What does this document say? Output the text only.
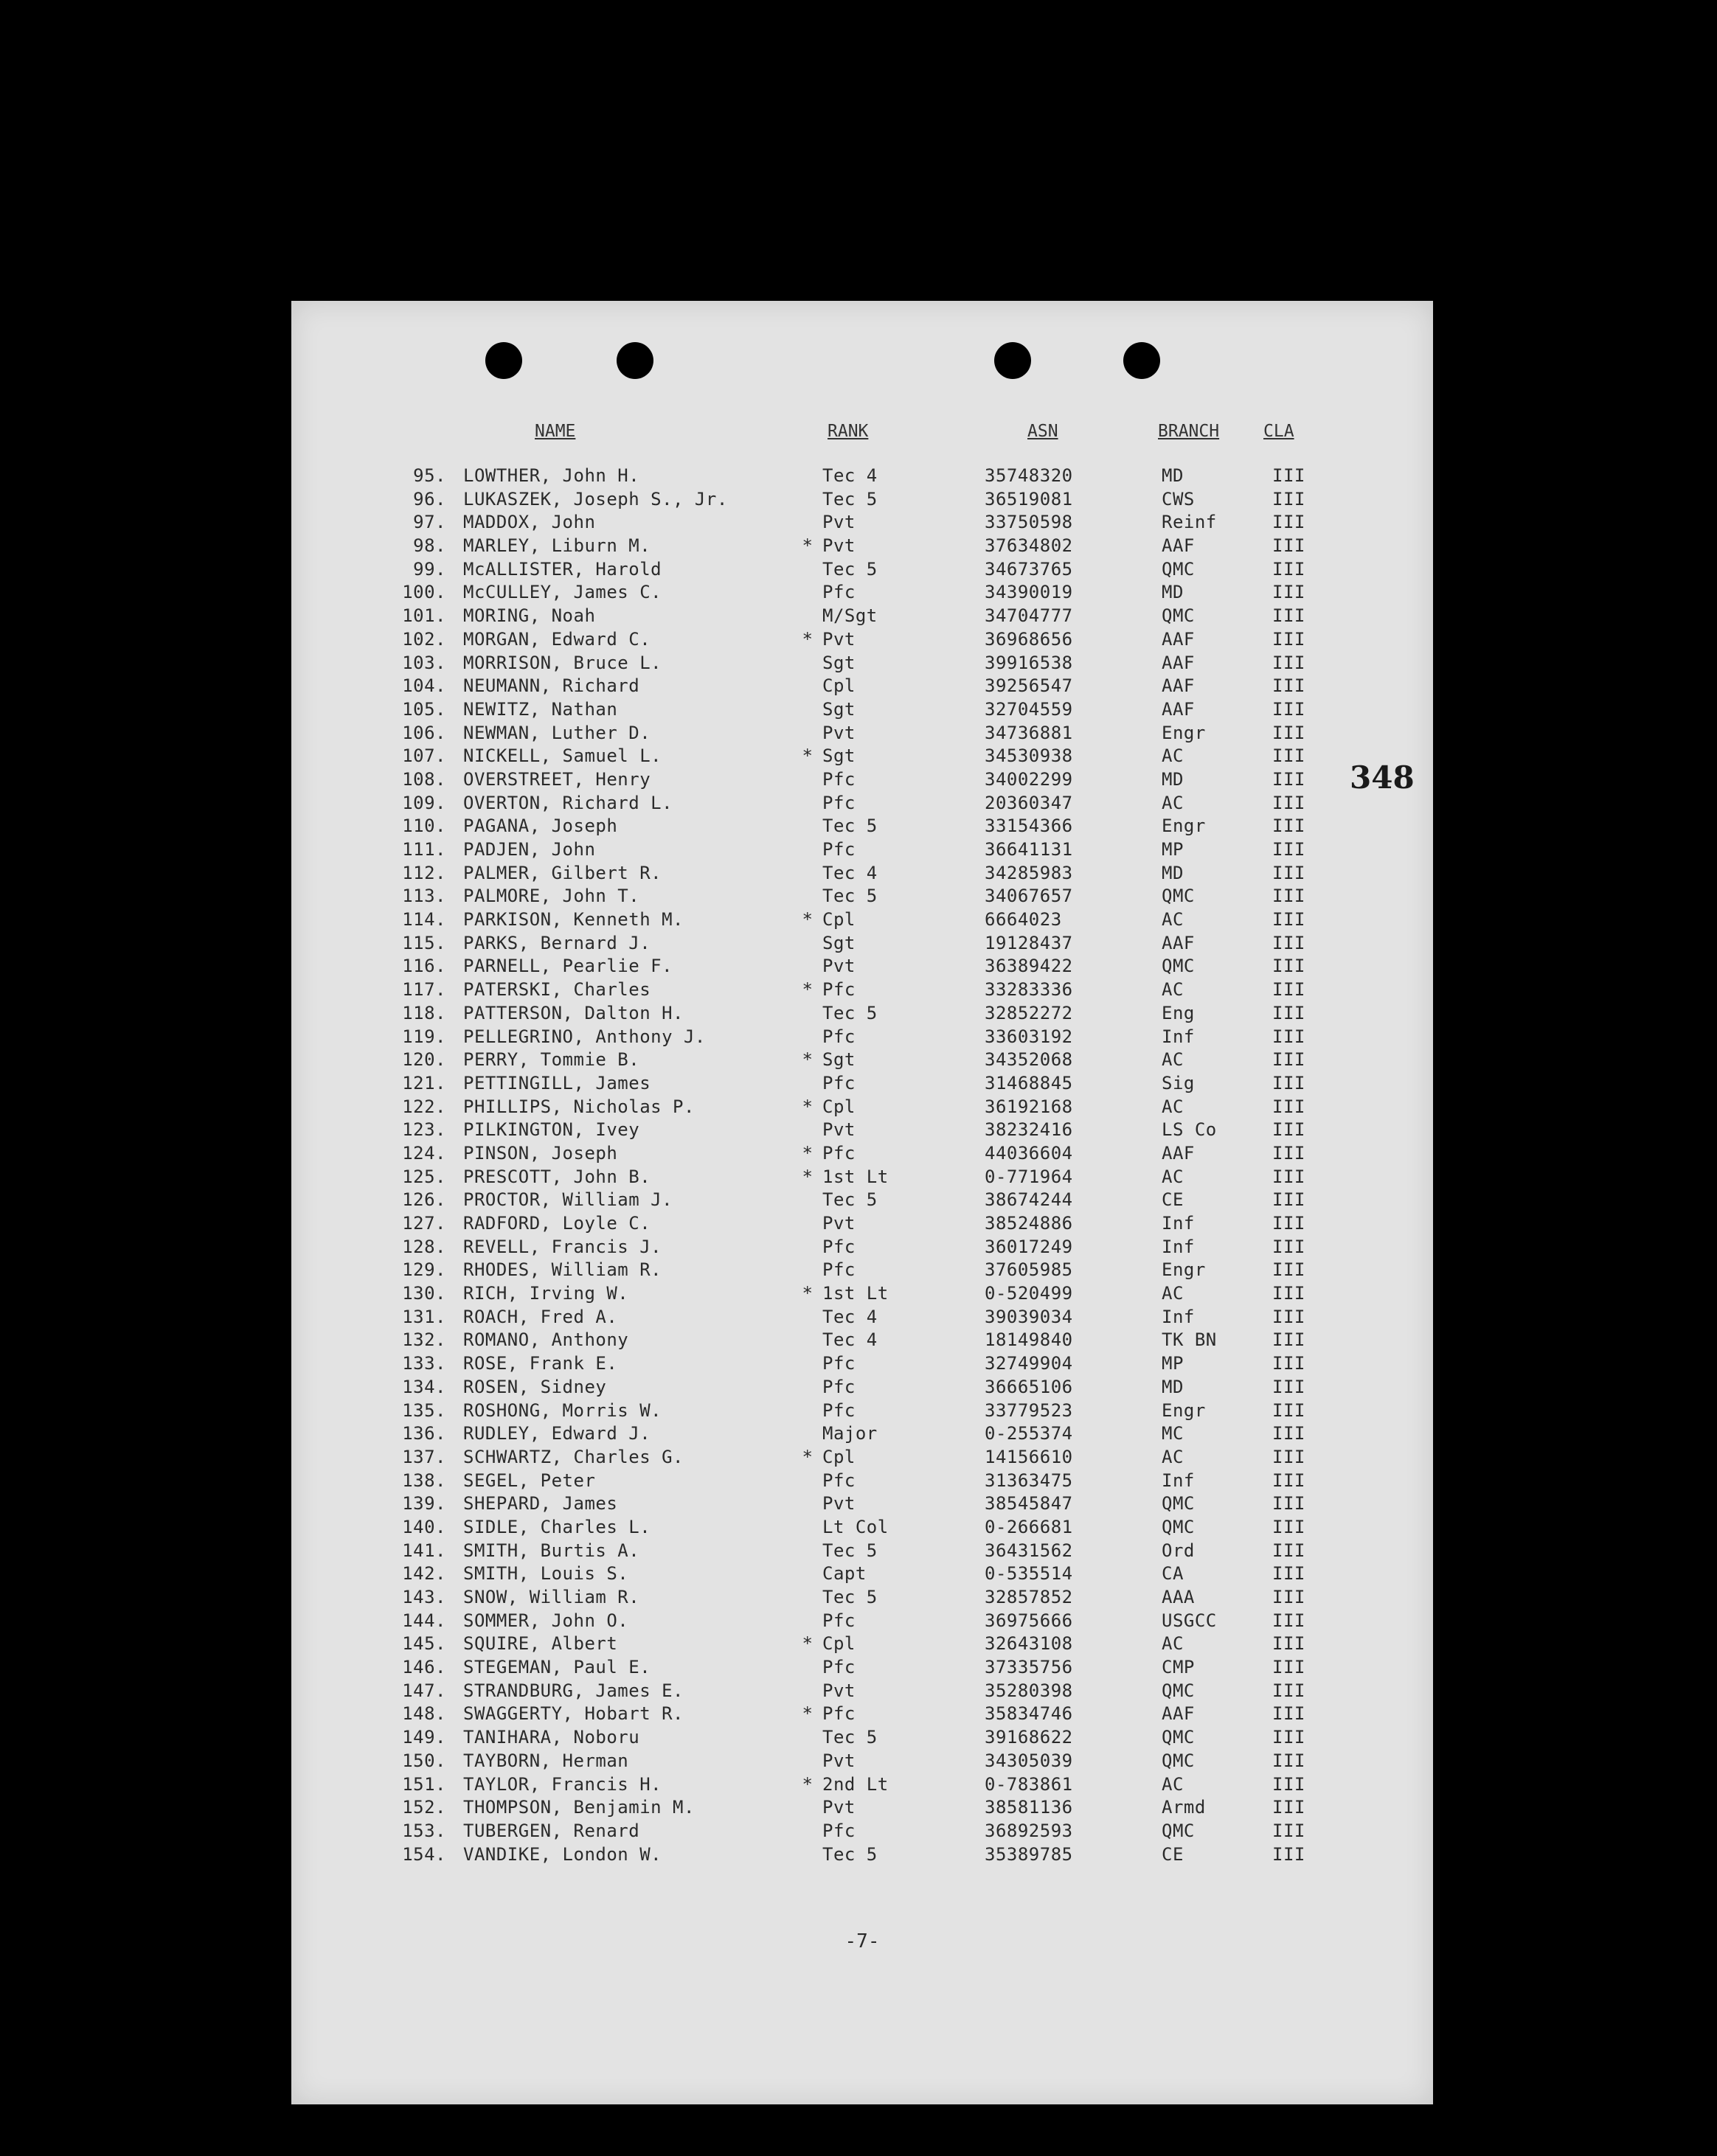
NAME	RANK	ASN	BRANCH	CLA
95. LOWTHER, John H.	Tec 4	35748320	MD	III
96. LUKASZEK, Joseph S., Jr.	Tec 5	36519081	CWS	III
97. MADDOX, John	Pvt	33750598	Reinf	III
98. MARLEY, Liburn M.	* Pvt	37634802	AAF	III
99. McALLISTER, Harold	Tec 5	34673765	QMC	III
100. McCULLEY, James C.	Pfc	34390019	MD	III
101. MORING, Noah	M/Sgt	34704777	QMC	III
102. MORGAN, Edward C.	* Pvt	36968656	AAF	III
103. MORRISON, Bruce L.	Sgt	39916538	AAF	III
104. NEUMANN, Richard	Cpl	39256547	AAF	III
105. NEWITZ, Nathan	Sgt	32704559	AAF	III
106. NEWMAN, Luther D.	Pvt	34736881	Engr	III
107. NICKELL, Samuel L.	* Sgt	34530938	AC	III
108. OVERSTREET, Henry	Pfc	34002299	MD	III
109. OVERTON, Richard L.	Pfc	20360347	AC	III
110. PAGANA, Joseph	Tec 5	33154366	Engr	III
111. PADJEN, John	Pfc	36641131	MP	III
112. PALMER, Gilbert R.	Tec 4	34285983	MD	III
113. PALMORE, John T.	Tec 5	34067657	QMC	III
114. PARKISON, Kenneth M.	* Cpl	6664023	AC	III
115. PARKS, Bernard J.	Sgt	19128437	AAF	III
116. PARNELL, Pearlie F.	Pvt	36389422	QMC	III
117. PATERSKI, Charles	* Pfc	33283336	AC	III
118. PATTERSON, Dalton H.	Tec 5	32852272	Eng	III
119. PELLEGRINO, Anthony J.	Pfc	33603192	Inf	III
120. PERRY, Tommie B.	* Sgt	34352068	AC	III
121. PETTINGILL, James	Pfc	31468845	Sig	III
122. PHILLIPS, Nicholas P.	* Cpl	36192168	AC	III
123. PILKINGTON, Ivey	Pvt	38232416	LS Co	III
124. PINSON, Joseph	* Pfc	44036604	AAF	III
125. PRESCOTT, John B.	* 1st Lt	0-771964	AC	III
126. PROCTOR, William J.	Tec 5	38674244	CE	III
127. RADFORD, Loyle C.	Pvt	38524886	Inf	III
128. REVELL, Francis J.	Pfc	36017249	Inf	III
129. RHODES, William R.	Pfc	37605985	Engr	III
130. RICH, Irving W.	* 1st Lt	0-520499	AC	III
131. ROACH, Fred A.	Tec 4	39039034	Inf	III
132. ROMANO, Anthony	Tec 4	18149840	TK BN	III
133. ROSE, Frank E.	Pfc	32749904	MP	III
134. ROSEN, Sidney	Pfc	36665106	MD	III
135. ROSHONG, Morris W.	Pfc	33779523	Engr	III
136. RUDLEY, Edward J.	Major	0-255374	MC	III
137. SCHWARTZ, Charles G.	* Cpl	14156610	AC	III
138. SEGEL, Peter	Pfc	31363475	Inf	III
139. SHEPARD, James	Pvt	38545847	QMC	III
140. SIDLE, Charles L.	Lt Col	0-266681	QMC	III
141. SMITH, Burtis A.	Tec 5	36431562	Ord	III
142. SMITH, Louis S.	Capt	0-535514	CA	III
143. SNOW, William R.	Tec 5	32857852	AAA	III
144. SOMMER, John O.	Pfc	36975666	USGCC	III
145. SQUIRE, Albert	* Cpl	32643108	AC	III
146. STEGEMAN, Paul E.	Pfc	37335756	CMP	III
147. STRANDBURG, James E.	Pvt	35280398	QMC	III
148. SWAGGERTY, Hobart R.	* Pfc	35834746	AAF	III
149. TANIHARA, Noboru	Tec 5	39168622	QMC	III
150. TAYBORN, Herman	Pvt	34305039	QMC	III
151. TAYLOR, Francis H.	* 2nd Lt	0-783861	AC	III
152. THOMPSON, Benjamin M.	Pvt	38581136	Armd	III
153. TUBERGEN, Renard	Pfc	36892593	QMC	III
154. VANDIKE, London W.	Tec 5	35389785	CE	III
-7-
348
